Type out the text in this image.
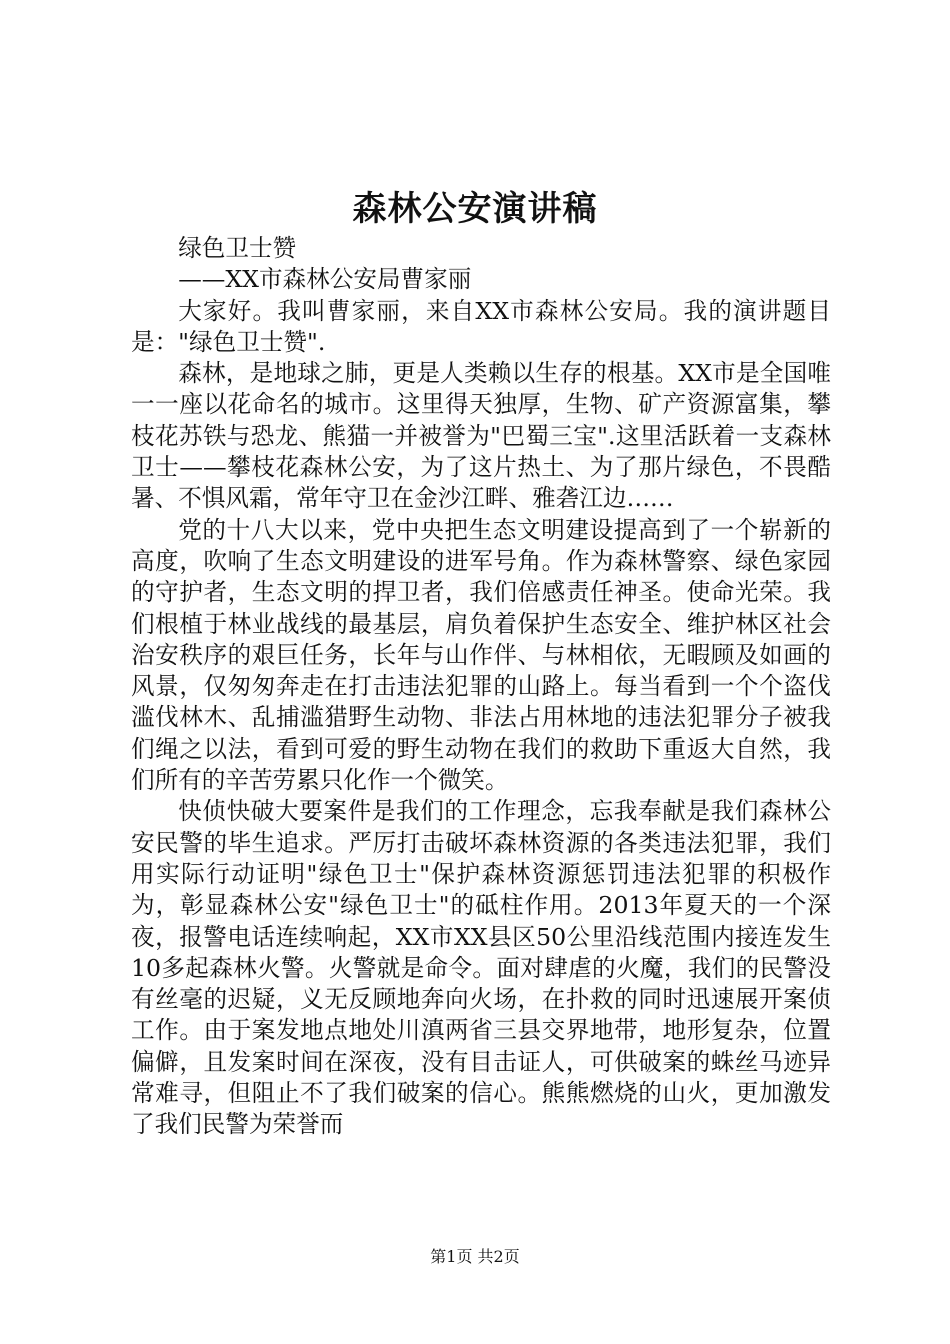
森林公安演讲稿

绿色卫士赞

——XX市森林公安局曹家丽

大家好。我叫曹家丽，来自XX市森林公安局。我的演讲题目是："绿色卫士赞".

森林，是地球之肺，更是人类赖以生存的根基。XX市是全国唯一一座以花命名的城市。这里得天独厚，生物、矿产资源富集，攀枝花苏铁与恐龙、熊猫一并被誉为"巴蜀三宝".这里活跃着一支森林卫士——攀枝花森林公安，为了这片热土、为了那片绿色，不畏酷暑、不惧风霜，常年守卫在金沙江畔、雅砻江边……

党的十八大以来，党中央把生态文明建设提高到了一个崭新的高度，吹响了生态文明建设的进军号角。作为森林警察、绿色家园的守护者，生态文明的捍卫者，我们倍感责任神圣。使命光荣。我们根植于林业战线的最基层，肩负着保护生态安全、维护林区社会治安秩序的艰巨任务，长年与山作伴、与林相依，无暇顾及如画的风景，仅匆匆奔走在打击违法犯罪的山路上。每当看到一个个盗伐滥伐林木、乱捕滥猎野生动物、非法占用林地的违法犯罪分子被我们绳之以法，看到可爱的野生动物在我们的救助下重返大自然，我们所有的辛苦劳累只化作一个微笑。

快侦快破大要案件是我们的工作理念，忘我奉献是我们森林公安民警的毕生追求。严厉打击破坏森林资源的各类违法犯罪，我们用实际行动证明"绿色卫士"保护森林资源惩罚违法犯罪的积极作为，彰显森林公安"绿色卫士"的砥柱作用。2013年夏天的一个深夜，报警电话连续响起，XX市XX县区50公里沿线范围内接连发生10多起森林火警。火警就是命令。面对肆虐的火魔，我们的民警没有丝毫的迟疑，义无反顾地奔向火场，在扑救的同时迅速展开案侦工作。由于案发地点地处川滇两省三县交界地带，地形复杂，位置偏僻，且发案时间在深夜，没有目击证人，可供破案的蛛丝马迹异常难寻，但阻止不了我们破案的信心。熊熊燃烧的山火，更加激发了我们民警为荣誉而

第1页 共2页
